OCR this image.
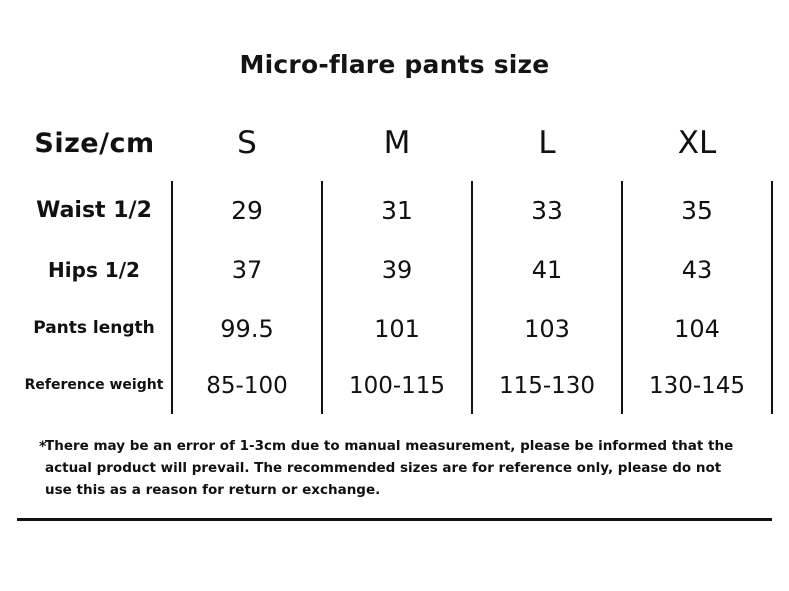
Micro-flare pants size

Size/cm	S	M	L	XL

Waist 1/2	29	31	33	35
Hips 1/2	37	39	41	43
Pants length	99.5	101	103	104
Reference weight	85-100	100-115	115-130	130-145

*
There may be an error of 1-3cm due to manual measurement, please be informed that the actual product will prevail. The recommended sizes are for reference only, please do not use this as a reason for return or exchange.
